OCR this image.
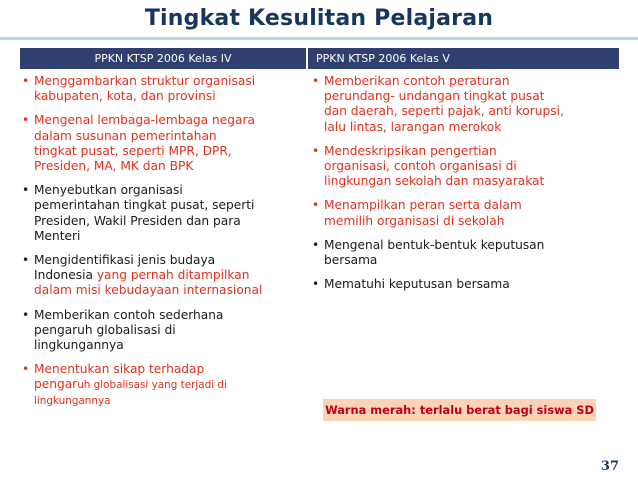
Tingkat Kesulitan Pelajaran
PPKN KTSP 2006 Kelas IV	PPKN KTSP 2006 Kelas V
• Menggambarkan struktur organisasi
kabupaten, kota, dan provinsi
• Mengenal lembaga-lembaga negara
dalam susunan pemerintahan
tingkat pusat, seperti MPR, DPR,
Presiden, MA, MK dan BPK
• Menyebutkan organisasi
pemerintahan tingkat pusat, seperti
Presiden, Wakil Presiden dan para
Menteri
• Mengidentifikasi jenis budaya
Indonesia yang pernah ditampilkan
dalam misi kebudayaan internasional
• Memberikan contoh sederhana
pengaruh globalisasi di
lingkungannya
• Menentukan sikap terhadap
pengaruh globalisasi yang terjadi di
lingkungannya
• Memberikan contoh peraturan
perundang- undangan tingkat pusat
dan daerah, seperti pajak, anti korupsi,
lalu lintas, larangan merokok
• Mendeskripsikan pengertian
organisasi, contoh organisasi di
lingkungan sekolah dan masyarakat
• Menampilkan peran serta dalam
memilih organisasi di sekolah
• Mengenal bentuk-bentuk keputusan
bersama
• Mematuhi keputusan bersama
Warna merah: terlalu berat bagi siswa SD
37
